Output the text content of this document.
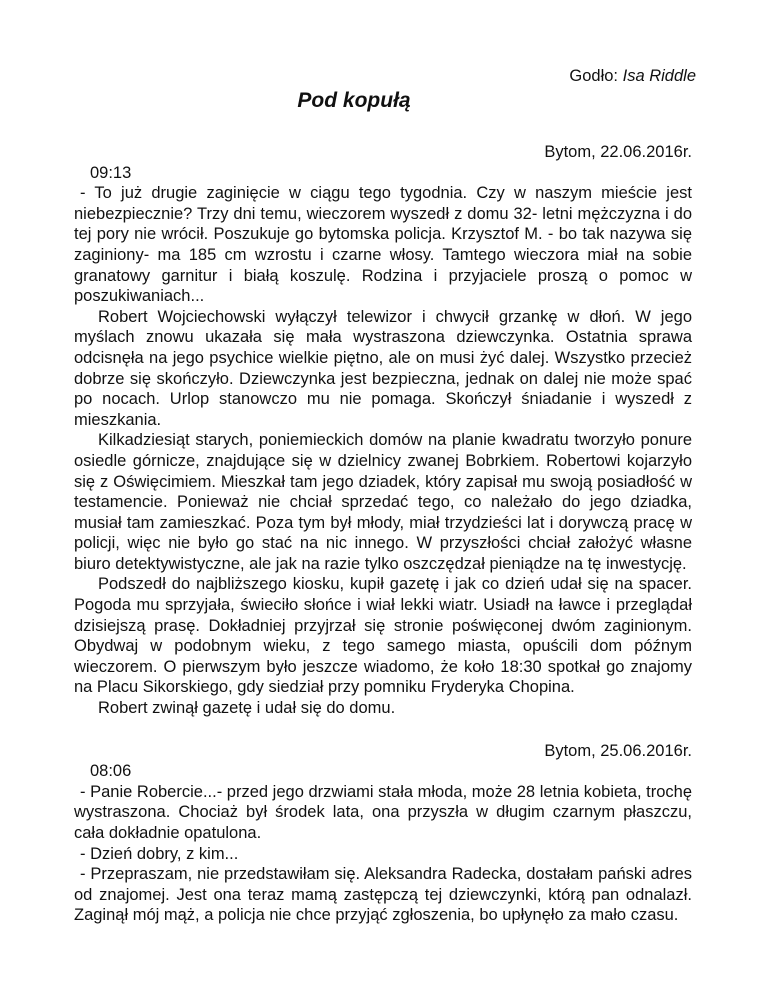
Godło: Isa Riddle
Pod kopułą

Bytom, 22.06.2016r.

09:13

- To już drugie zaginięcie w ciągu tego tygodnia. Czy w naszym mieście jest niebezpiecznie? Trzy dni temu, wieczorem wyszedł z domu 32- letni mężczyzna i do tej pory nie wrócił. Poszukuje go bytomska policja. Krzysztof M. - bo tak nazywa się zaginiony- ma 185 cm wzrostu i czarne włosy. Tamtego wieczora miał na sobie granatowy garnitur i białą koszulę. Rodzina i przyjaciele proszą o pomoc w poszukiwaniach...

Robert Wojciechowski wyłączył telewizor i chwycił grzankę w dłoń. W jego myślach znowu ukazała się mała wystraszona dziewczynka. Ostatnia sprawa odcisnęła na jego psychice wielkie piętno, ale on musi żyć dalej. Wszystko przecież dobrze się skończyło. Dziewczynka jest bezpieczna, jednak on dalej nie może spać po nocach. Urlop stanowczo mu nie pomaga. Skończył śniadanie i wyszedł z mieszkania.

Kilkadziesiąt starych, poniemieckich domów na planie kwadratu tworzyło ponure osiedle górnicze, znajdujące się w dzielnicy zwanej Bobrkiem. Robertowi kojarzyło się z Oświęcimiem. Mieszkał tam jego dziadek, który zapisał mu swoją posiadłość w testamencie. Ponieważ nie chciał sprzedać tego, co należało do jego dziadka, musiał tam zamieszkać. Poza tym był młody, miał trzydzieści lat i dorywczą pracę w policji, więc nie było go stać na nic innego. W przyszłości chciał założyć własne biuro detektywistyczne, ale jak na razie tylko oszczędzał pieniądze na tę inwestycję.

Podszedł do najbliższego kiosku, kupił gazetę i jak co dzień udał się na spacer. Pogoda mu sprzyjała, świeciło słońce i wiał lekki wiatr. Usiadł na ławce i przeglądał dzisiejszą prasę. Dokładniej przyjrzał się stronie poświęconej dwóm zaginionym. Obydwaj w podobnym wieku, z tego samego miasta, opuścili dom późnym wieczorem. O pierwszym było jeszcze wiadomo, że koło 18:30 spotkał go znajomy na Placu Sikorskiego, gdy siedział przy pomniku Fryderyka Chopina.

Robert zwinął gazetę i udał się do domu.

Bytom, 25.06.2016r.

08:06

- Panie Robercie...- przed jego drzwiami stała młoda, może 28 letnia kobieta, trochę wystraszona. Chociaż był środek lata, ona przyszła w długim czarnym płaszczu, cała dokładnie opatulona.

- Dzień dobry, z kim...

- Przepraszam, nie przedstawiłam się. Aleksandra Radecka, dostałam pański adres od znajomej. Jest ona teraz mamą zastępczą tej dziewczynki, którą pan odnalazł. Zaginął mój mąż, a policja nie chce przyjąć zgłoszenia, bo upłynęło za mało czasu.
